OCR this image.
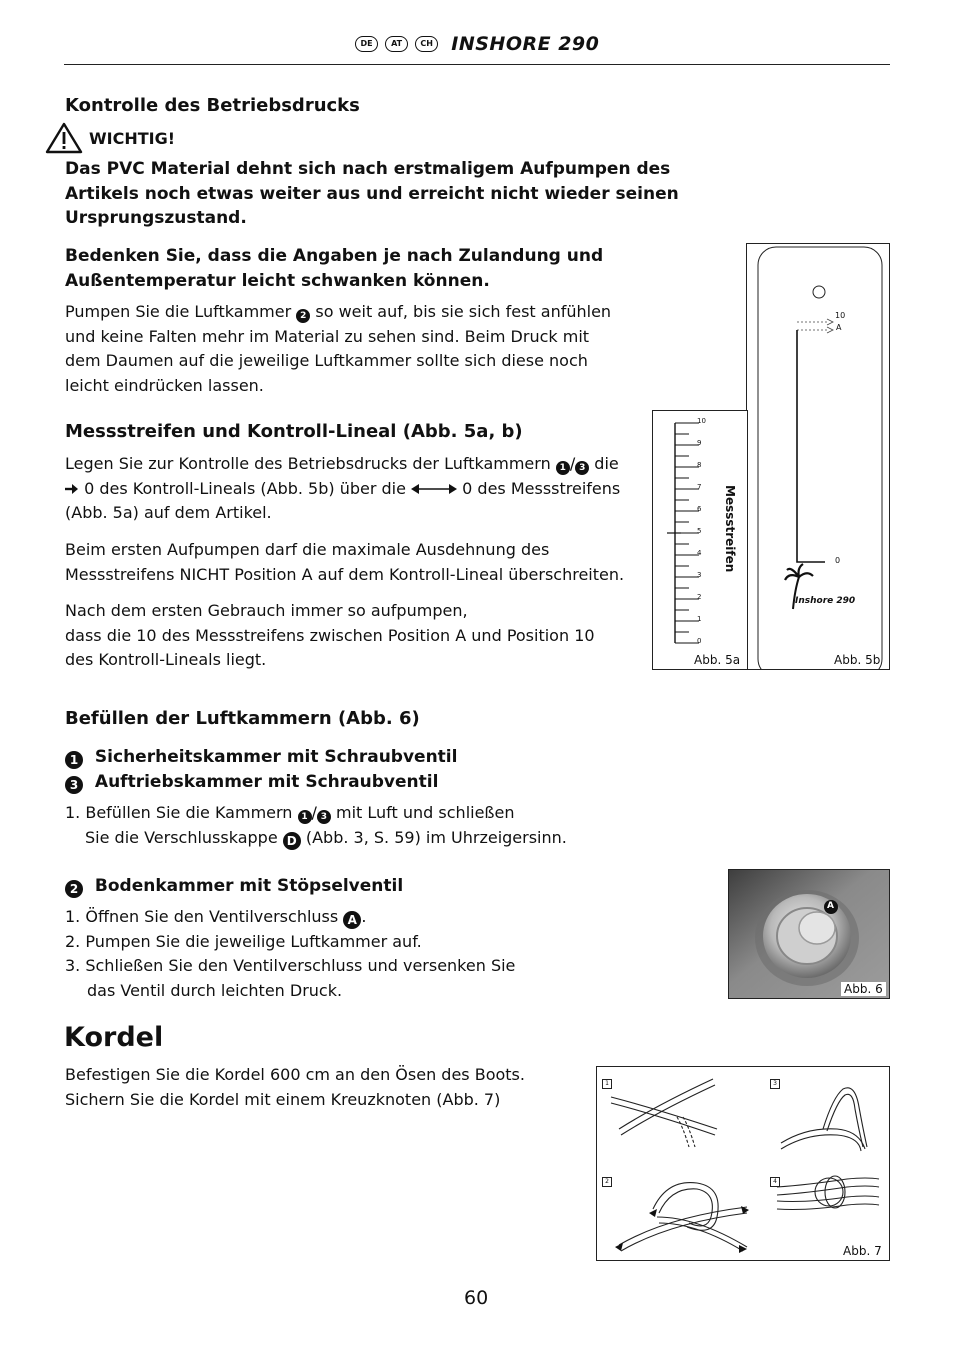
DE AT CH INSHORE 290
Kontrolle des Betriebsdrucks
WICHTIG!
Das PVC Material dehnt sich nach erstmaligem Aufpumpen des Artikels noch etwas weiter aus und erreicht nicht wieder seinen Ursprungszustand.
Bedenken Sie, dass die Angaben je nach Zulandung und Außentemperatur leicht schwanken können.
Pumpen Sie die Luftkammer 2 so weit auf, bis sie sich fest anfühlen und keine Falten mehr im Material zu sehen sind. Beim Druck mit dem Daumen auf die jeweilige Luftkammer sollte sich diese noch leicht eindrücken lassen.
Messstreifen und Kontroll-Lineal (Abb. 5a, b)
Legen Sie zur Kontrolle des Betriebsdrucks der Luftkammern 1 / 3 die  0 des Kontroll-Lineals (Abb. 5b) über die	0 des Messstreifens (Abb. 5a) auf dem Artikel.
Beim ersten Aufpumpen darf die maximale Ausdehnung des Messstreifens NICHT Position A auf dem Kontroll-Lineal überschreiten.
Nach dem ersten Gebrauch immer so aufpumpen,
dass die 10 des Messstreifens zwischen Position A und Position 10
des Kontroll-Lineals liegt.
10
A
0
Inshore 290
Abb. 5b
10
9
8
7
6
5
4
3
2
1
0
Messstreifen
Abb. 5a
Befüllen der Luftkammern (Abb. 6)
1 Sicherheitskammer mit Schraubventil
3 Auftriebskammer mit Schraubventil
1. Befüllen Sie die Kammern 1 / 3 mit Luft und schließen
Sie die Verschlusskappe D (Abb. 3, S. 59) im Uhrzeigersinn.
2 Bodenkammer mit Stöpselventil
1. Öffnen Sie den Ventilverschluss A .
2. Pumpen Sie die jeweilige Luftkammer auf.
3. Schließen Sie den Ventilverschluss und versenken Sie
das Ventil durch leichten Druck.
A
Abb. 6
Kordel
Befestigen Sie die Kordel 600 cm an den Ösen des Boots.
Sichern Sie die Kordel mit einem Kreuzknoten (Abb. 7)
1	3
2	4
Abb. 7
60
